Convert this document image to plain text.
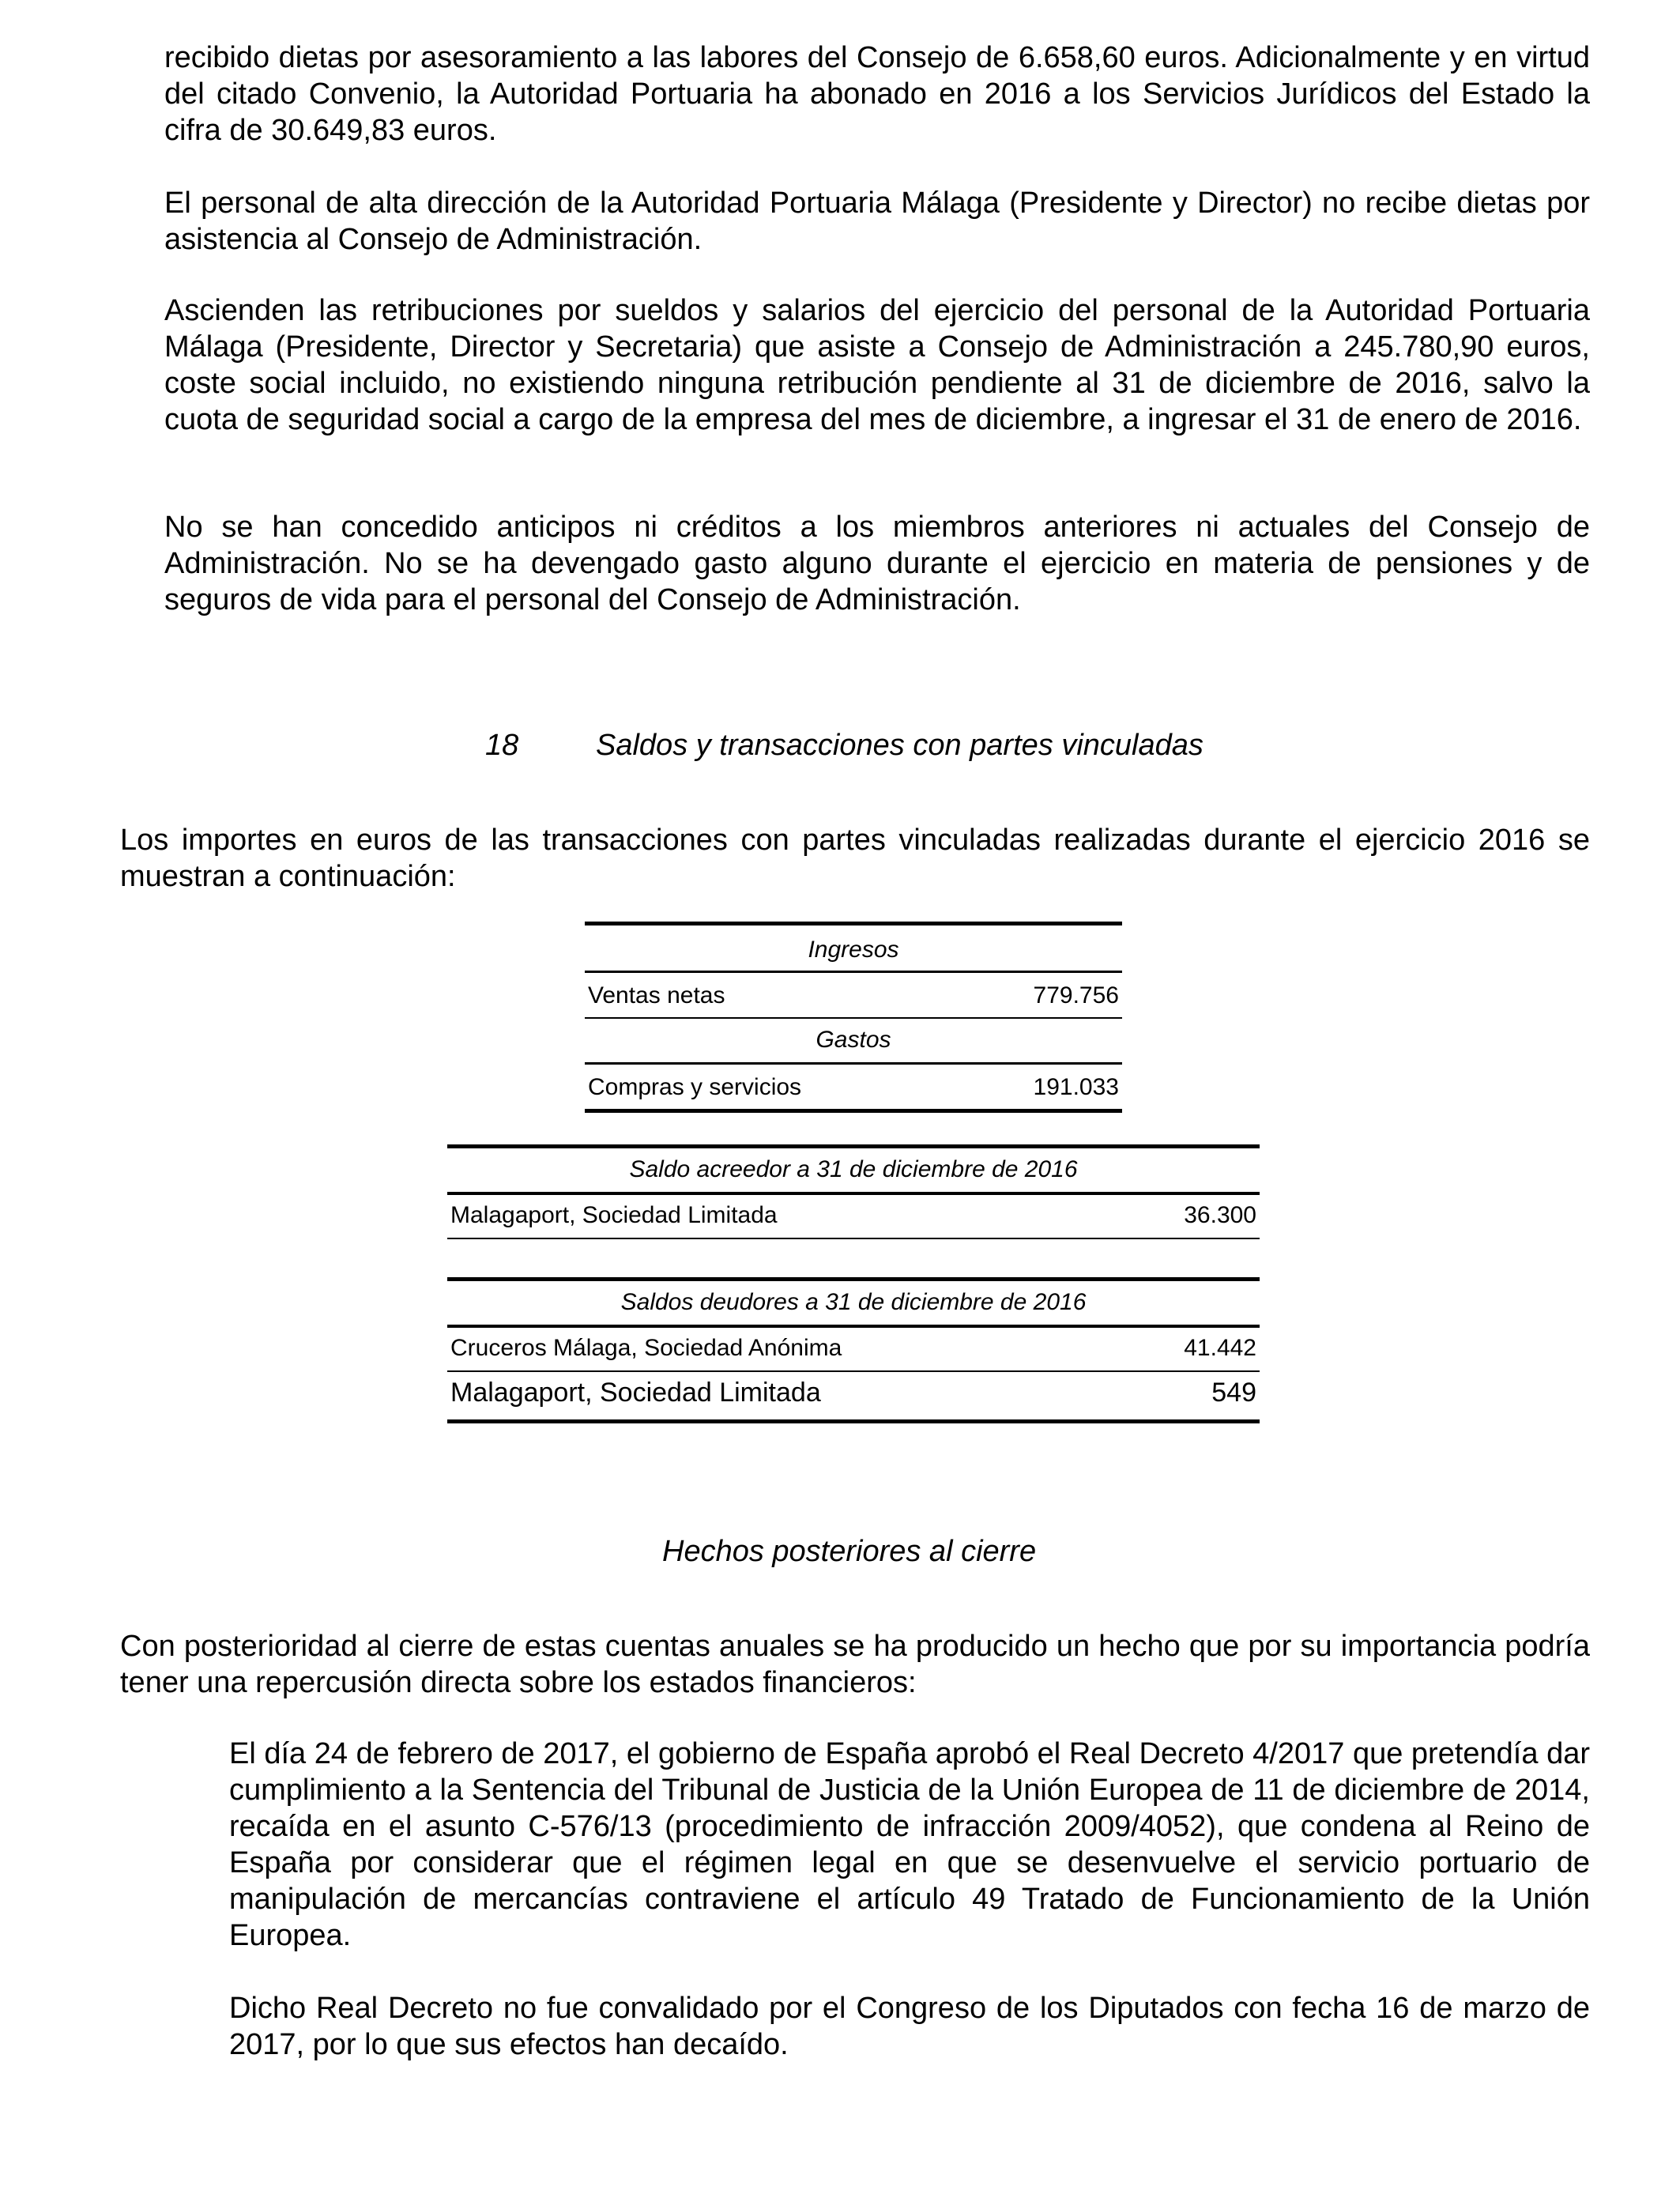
recibido dietas por asesoramiento a las labores del Consejo de 6.658,60 euros. Adicionalmente y en virtud del citado Convenio, la Autoridad Portuaria ha abonado en 2016 a los Servicios Jurídicos del Estado la cifra de 30.649,83 euros.

El personal de alta dirección de la Autoridad Portuaria Málaga (Presidente y Director) no recibe dietas por asistencia al Consejo de Administración.

Ascienden las retribuciones por sueldos y salarios del ejercicio del personal de la Autoridad Portuaria Málaga (Presidente, Director y Secretaria) que asiste a Consejo de Administración a 245.780,90 euros, coste social incluido, no existiendo ninguna retribución pendiente al 31 de diciembre de 2016, salvo la cuota de seguridad social a cargo de la empresa del mes de diciembre, a ingresar el 31 de enero de 2016.

No se han concedido anticipos ni créditos a los miembros anteriores ni actuales del Consejo de Administración. No se ha devengado gasto alguno durante el ejercicio en materia de pensiones y de seguros de vida para el personal del Consejo de Administración.

18	Saldos y transacciones con partes vinculadas

Los importes en euros de las transacciones con partes vinculadas realizadas durante el ejercicio 2016 se muestran a continuación:

Ingresos
Ventas netas	779.756
Gastos
Compras y servicios	191.033
Saldo acreedor a 31 de diciembre de 2016
Malagaport, Sociedad Limitada	36.300
Saldos deudores a 31 de diciembre de 2016
Cruceros Málaga, Sociedad Anónima	41.442
Malagaport, Sociedad Limitada	549
Hechos posteriores al cierre

Con posterioridad al cierre de estas cuentas anuales se ha producido un hecho que por su importancia podría tener una repercusión directa sobre los estados financieros:

El día 24 de febrero de 2017, el gobierno de España aprobó el Real Decreto 4/2017 que pretendía dar cumplimiento a la Sentencia del Tribunal de Justicia de la Unión Europea de 11 de diciembre de 2014, recaída en el asunto C-576/13 (procedimiento de infracción 2009/4052), que condena al Reino de España por considerar que el régimen legal en que se desenvuelve el servicio portuario de manipulación de mercancías contraviene el artículo 49 Tratado de Funcionamiento de la Unión Europea.

Dicho Real Decreto no fue convalidado por el Congreso de los Diputados con fecha 16 de marzo de 2017, por lo que sus efectos han decaído.
